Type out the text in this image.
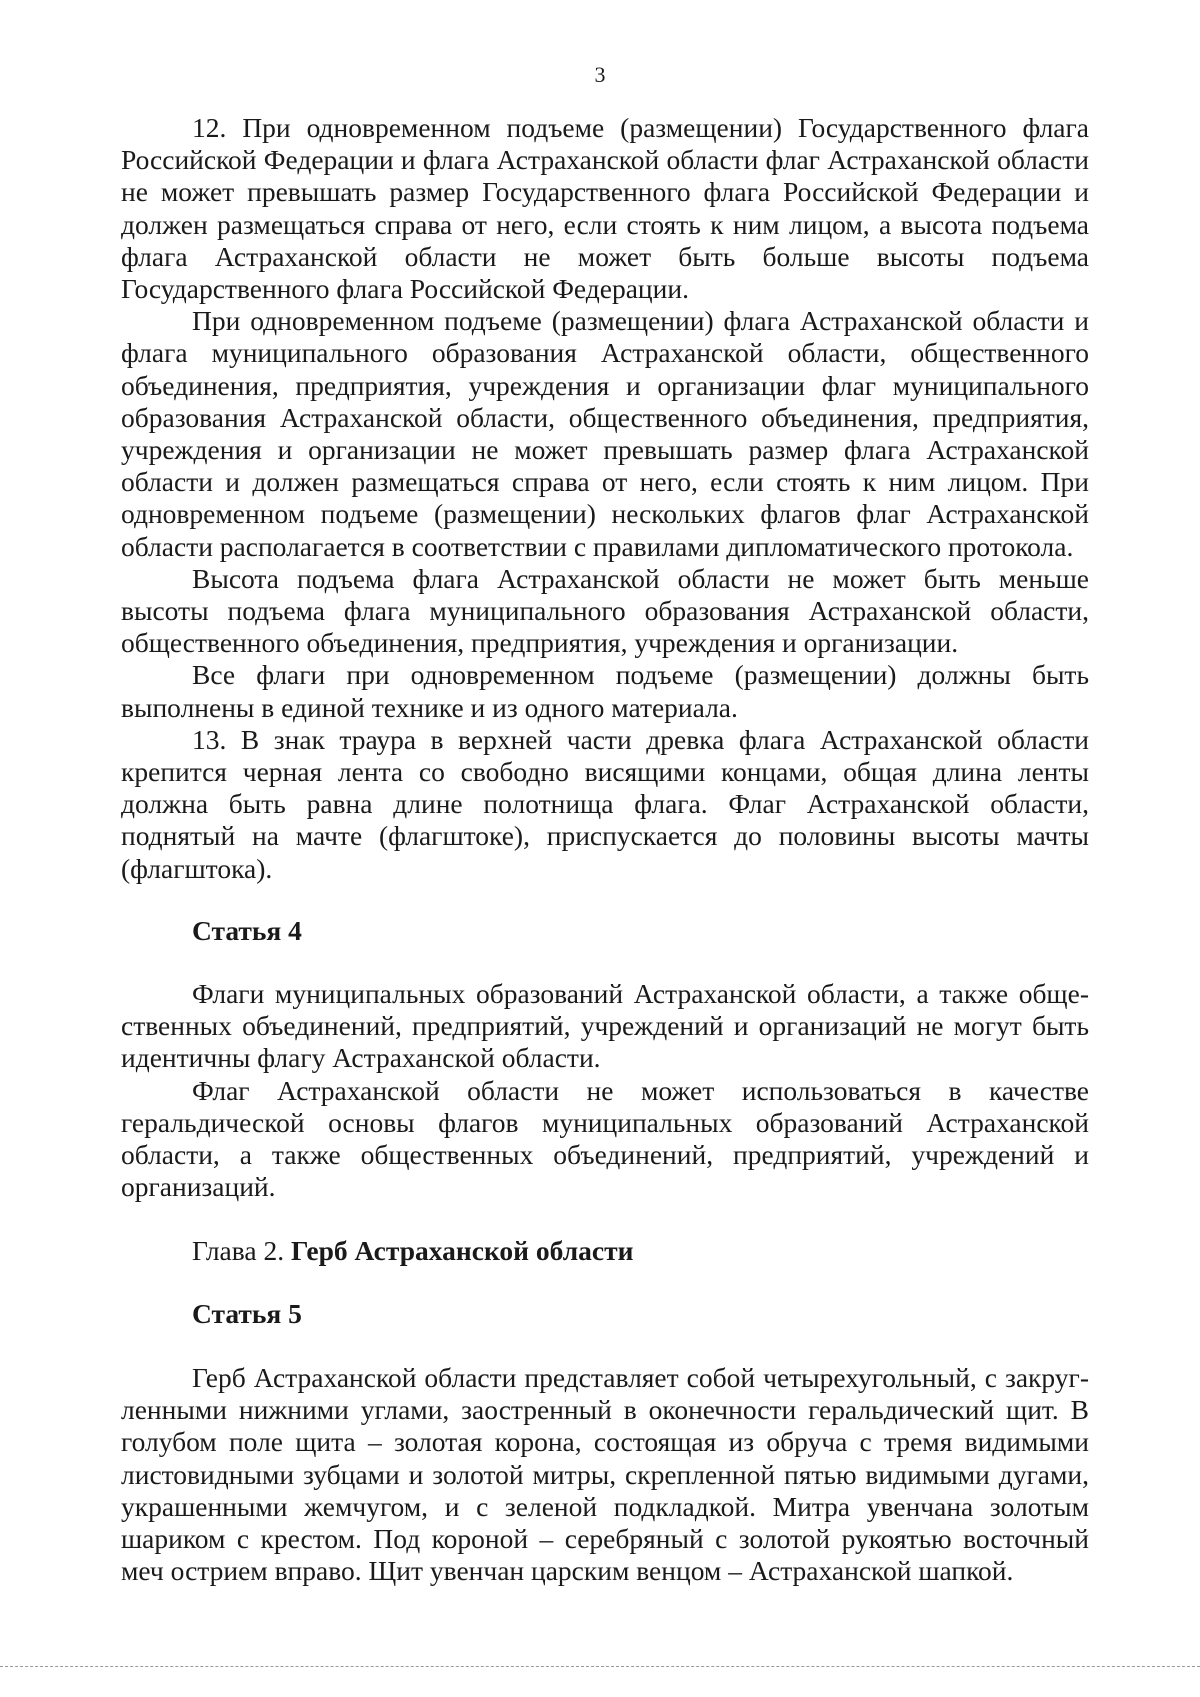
3

12. При одновременном подъеме (размещении) Государственного флага Российской Федерации и флага Астраханской области флаг Астраханской области не может превышать размер Государственного флага Российской Федерации и должен размещаться справа от него, если стоять к ним лицом, а высота подъема флага Астраханской области не может быть больше высоты подъема Государственного флага Российской Федерации.

При одновременном подъеме (размещении) флага Астраханской области и флага муниципального образования Астраханской области, общественного объединения, предприятия, учреждения и организации флаг муниципального образования Астраханской области, общественного объединения, предприятия, учреждения и организации не может превышать размер флага Астраханской области и должен размещаться справа от него, если стоять к ним лицом. При одновременном подъеме (размещении) нескольких флагов флаг Астраханской области располагается в соответствии с правилами дипломатического протокола.

Высота подъема флага Астраханской области не может быть меньше высоты подъема флага муниципального образования Астраханской области, общественного объединения, предприятия, учреждения и организации.

Все флаги при одновременном подъеме (размещении) должны быть выполнены в единой технике и из одного материала.

13. В знак траура в верхней части древка флага Астраханской области крепится черная лента со свободно висящими концами, общая длина ленты должна быть равна длине полотнища флага. Флаг Астраханской области, поднятый на мачте (флагштоке), приспускается до половины высоты мачты (флагштока).

Статья 4

Флаги муниципальных образований Астраханской области, а также общественных объединений, предприятий, учреждений и организаций не могут быть идентичны флагу Астраханской области.

Флаг Астраханской области не может использоваться в качестве геральдической основы флагов муниципальных образований Астраханской области, а также общественных объединений, предприятий, учреждений и организаций.

Глава 2. Герб Астраханской области

Статья 5

Герб Астраханской области представляет собой четырехугольный, с закругленными нижними углами, заостренный в оконечности геральдический щит. В голубом поле щита – золотая корона, состоящая из обруча с тремя видимыми листовидными зубцами и золотой митры, скрепленной пятью видимыми дугами, украшенными жемчугом, и с зеленой подкладкой. Митра увенчана золотым шариком с крестом. Под короной – серебряный с золотой рукоятью восточный меч острием вправо. Щит увенчан царским венцом – Астраханской шапкой.
